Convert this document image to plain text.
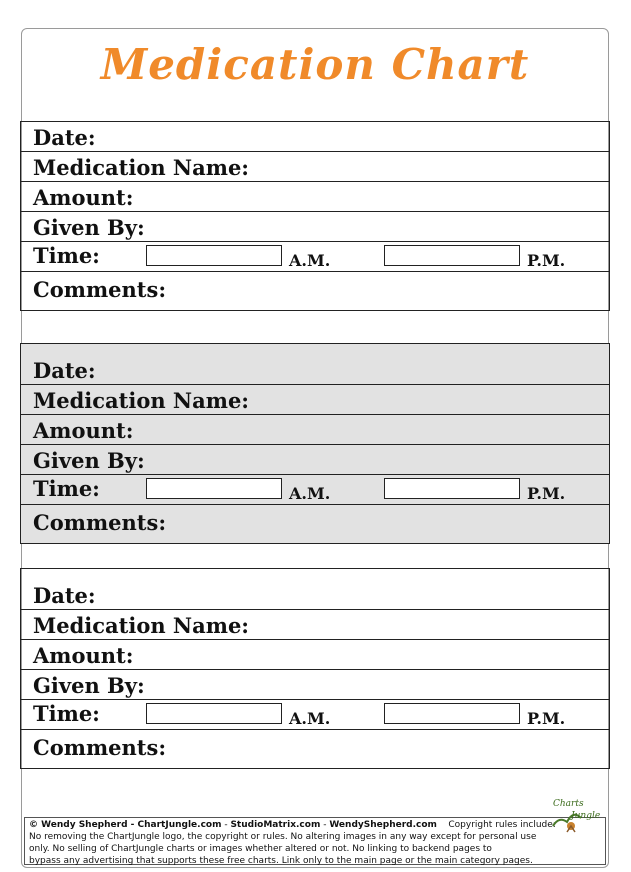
Medication Chart
Date:
Medication Name:
Amount:
Given By:
Time:	A.M.	P.M.
Comments:
Date:
Medication Name:
Amount:
Given By:
Time:	A.M.	P.M.
Comments:
Date:
Medication Name:
Amount:
Given By:
Time:	A.M.	P.M.
Comments:
© Wendy Shepherd - ChartJungle.com - StudioMatrix.com - WendyShepherd.com Copyright rules include:
No removing the ChartJungle logo, the copyright or rules. No altering images in any way except for personal use
only. No selling of ChartJungle charts or images whether altered or not. No linking to backend pages to
bypass any advertising that supports these free charts. Link only to the main page or the main category pages.
Charts
Jungle
